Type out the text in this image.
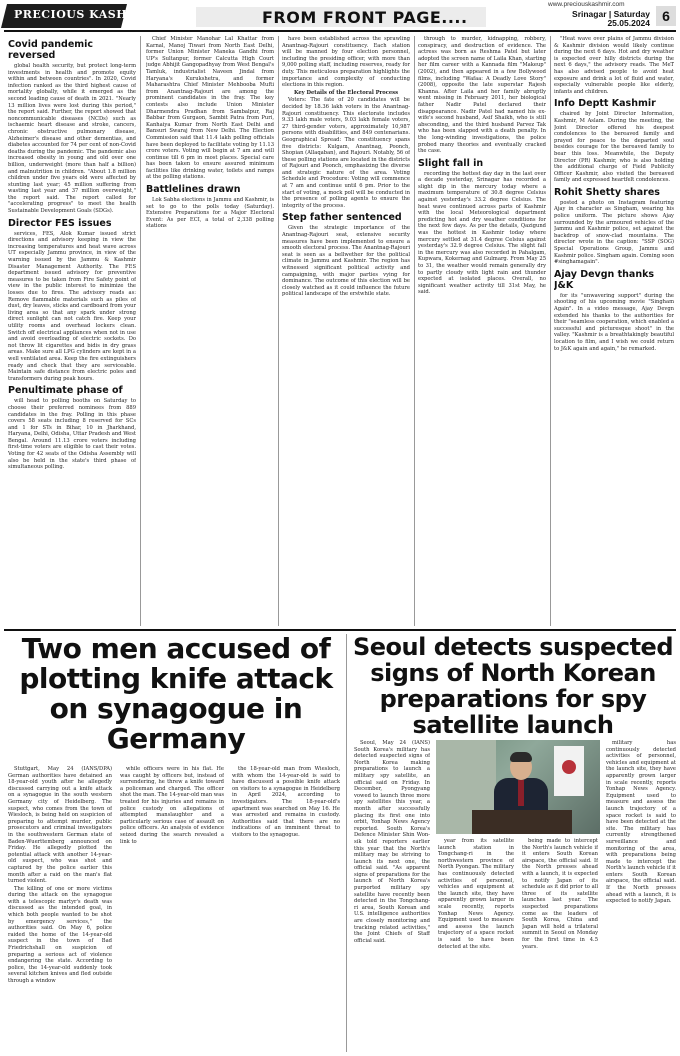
PRECIOUS KASHMIR	FROM FRONT PAGE....
www.preciouskashmir.com
Srinagar | Saturday
25.05.2024 6
Covid pandemic reversed

global health security, but protect long-term investments in health and promote equity within and between countries". In 2020, Covid infection ranked as the third highest cause of mortality globally, while it emerged as the second leading cause of death in 2021. "Nearly 13 million lives were lost during this period," the report said. Further, the report showed that noncommunicable diseases (NCDs) such as ischaemic heart disease and stroke, cancers, chronic obstructive pulmonary disease, Alzheimer's disease and other dementias, and diabetes accounted for 74 per cent of non-Covid deaths during the pandemic. The pandemic also increased obesity in young and old over one billion, underweight (more than half a billion) and malnutrition in children. "About 1.8 million children under five years old were affected by stunting last year; 45 million suffering from wasting last year and 37 million overweight," the report said. The report called for "accelerating progress" to meet the health Sustainable Development Goals (SDGs).

Director FES issues

services, FES, Alok Kumar issued strict directions and advisory keeping in view the increasing temperatures and heat wave across UT especially Jammu province, in view of the warning issued by the Jammu & Kashmir Disaster Management Authority. The FES department issued advisory for preventive measures to be taken from Fire Safety point of view in the public interest to minimize the losses due to fires. The advisory reads as: Remove flammable materials such as piles of dust, dry leaves, sticks and cardboard from your living area so that any spark under strong direct sunlight can not catch fire. Keep your utility rooms and overhead lockers clean. Switch off electrical appliances when not in use and avoid overloading of electric sockets. Do not throw lit cigarettes and bidis in dry grass areas. Make sure all LPG cylinders are kept in a well ventilated area. Keep the fire extinguishers ready and check that they are serviceable. Maintain safe distance from electric poles and transformers during peak hours.

Penultimate phase of

will head to polling booths on Saturday to choose their preferred nominees from 889 candidates in the fray. Polling in this phase covers 58 seats including 8 reserved for SCs and 1 for STs in Bihar, 10 in Jharkhand, Haryana, Delhi, Odisha, Uttar Pradesh and West Bengal. Around 11.13 crore voters including first-time voters are eligible to cast their votes. Voting for 42 seats of the Odisha Assembly will also be held in the state's third phase of simultaneous polling.

Chief Minister Manohar Lal Khattar from Karnal, Manoj Tiwari from North East Delhi, former Union Minister Maneka Gandhi from UP's Sultanpur, former Calcutta High Court judge Abhijit Gangopadhyay from West Bengal's Tamluk, industrialist Naveen Jindal from Haryana's Kurukshetra, and former Maharashtra Chief Minister Mehbooba Mufti from Anantnag-Rajouri are among the prominent candidates in the fray. The key contests also include Union Minister Dharmendra Pradhan from Sambalpur, Raj Babbar from Gurgaon, Sambit Patra from Puri, Kanhaiya Kumar from North East Delhi and Bansuri Swaraj from New Delhi. The Election Commission said that 11.4 lakh polling officials have been deployed to facilitate voting by 11.13 crore voters. Voting will begin at 7 am and will continue till 6 pm in most places. Special care has been taken to ensure assured minimum facilities like drinking water, toilets and ramps at the polling stations.

Battlelines drawn

Lok Sabha elections in Jammu and Kashmir, is set to go to the polls today (Saturday). Extensive Preparations for a Major Electoral Event: As per ECI, a total of 2,338 polling stations

have been established across the sprawling Anantnag-Rajouri constituency. Each station will be manned by four election personnel, including the presiding officer, with more than 9,000 polling staff, including reserves, ready for duty. This meticulous preparation highlights the importance and complexity of conducting elections in this region.

Key Details of the Electoral Process

Voters: The fate of 20 candidates will be decided by 18.36 lakh voters in the Anantnag-Rajouri constituency. This electorate includes 9.33 lakh male voters, 9.03 lakh female voters, 27 third-gender voters, approximately 10,987 persons with disabilities, and 849 centenarians. Geographical Spread: The constituency spans five districts: Kulgam, Anantnag, Poonch, Shopian (Allaqaban), and Rajouri. Notably, 56 of these polling stations are located in the districts of Rajouri and Poonch, emphasizing the diverse and strategic nature of the area. Voting Schedule and Procedure: Voting will commence at 7 am and continue until 6 pm. Prior to the start of voting, a mock poll will be conducted in the presence of polling agents to ensure the integrity of the process.

Step father sentenced

Given the strategic importance of the Anantnag-Rajouri seat, extensive security measures have been implemented to ensure a smooth electoral process. The Anantnag-Rajouri seat is seen as a bellwether for the political climate in Jammu and Kashmir. The region has witnessed significant political activity and campaigning, with major parties vying for dominance. The outcome of this election will be closely watched as it could influence the future political landscape of the erstwhile state.

through to murder, kidnapping, robbery, conspiracy, and destruction of evidence. The actress was born as Reshma Patel but later adopted the screen name of Laila Khan, starting her film career with a Kannada film "Makeup" (2002), and then appeared in a few Bollywood films, including "Wafaa: A Deadly Love Story" (2008), opposite the late superstar Rajesh Khanna. After Laila and her family abruptly went missing in February 2011, her biological father Nadir Patel declared their disappearance. Nadir Patel had named his ex-wife's second husband, Asif Shaikh, who is still absconding, and the third husband Parvez Tak who has been slapped with a death penalty. In the long-winding investigations, the police probed many theories and eventually cracked the case.

Slight fall in

recording the hottest day day in the last over a decade yesterday, Srinagar has recorded a slight dip in the mercury today where a maximum temperature of 30.8 degree Celsius against yesterday's 33.2 degree Celsius. The heat wave continued across parts of Kashmir with the local Meteorological department predicting hot and dry weather conditions for the next few days. As per the details, Qazigund was the hottest in Kashmir today where mercury settled at 31.4 degree Celsius against yesterday's 32.9 degree Celsius. The slight fall in the mercury was also recorded in Pahalgam, Kupwara, Kokernag and Gulmarg. From May 25 to 31, the weather would remain generally dry to partly cloudy with light rain and thunder expected at isolated places. Overall, no significant weather activity till 31st May, he said.

"Heat wave over plains of Jammu division & Kashmir division would likely continue during the next 6 days. Hot and dry weather is expected over hilly districts during the next 6 days," the advisory reads. The MeT has also advised people to avoid heat exposure and drink a lot of fluid and water, especially vulnerable people like elderly, infants and children.

Info Deptt Kashmir

chaired by Joint Director Information, Kashmir, M Aslam. During the meeting, the Joint Director offered his deepest condolences to the bereaved family and prayed for peace to the departed soul besides courage for the bereaved family to bear this loss. Meanwhile, the Deputy Director (PR) Kashmir, who is also holding the additional charge of Field Publicity Officer Kashmir, also visited the bereaved family and expressed heartfelt condolences.

Rohit Shetty shares

posted a photo on Instagram featuring Ajay in character as Singham, wearing his police uniform. The picture shows Ajay surrounded by the armoured vehicles of the Jammu and Kashmir police, set against the backdrop of snow-clad mountains. The director wrote in the caption: "SSP (SOG) Special Operations Group, Jammu and Kashmir police. Singham again. Coming soon #singhamagain".

Ajay Devgn thanks J&K

for its "unwavering support" during the shooting of his upcoming movie "Singham Again". In a video message, Ajay Devgn extended his thanks to the authorities for their "seamless cooperation, which enabled a successful and picturesque shoot" in the valley. "Kashmir is a breathtakingly beautiful location to film, and I wish we could return to J&K again and again," he remarked.

Two men accused of plotting knife attack on synagogue in Germany
Seoul detects suspected signs of North Korean preparations for spy satellite launch

Stuttgart, May 24 (IANS/DPA) German authorities have detained an 18-year-old youth after he allegedly discussed carrying out a knife attack on a synagogue in the south western Germany city of Heidelberg. The suspect, who comes from the town of Wiesloch, is being held on suspicion of preparing to attempt murder, public prosecutors and criminal investigators in the southwestern German state of Baden-Wuerttemberg announced on Friday. He allegedly plotted the potential attack with another 14-year-old suspect, who was shot and captured by the police earlier this month after a raid on the man's flat turned violent.

The killing of one or more victims during the attack on the synagogue with a telescopic martyr's death was discussed as the intended goal, in which both people wanted to be shot by emergency services," the authorities said. On May 6, police raided the home of the 14-year-old suspect in the town of Bad Friedrichshall on suspicion of preparing a serious act of violence endangering the state. According to police, the 14-year-old suddenly took several kitchen knives and fled outside through a window

while officers were in his flat. He was caught by officers but, instead of surrendering, he threw a knife toward a policeman and charged. The officer shot the man. The 14-year-old man was treated for his injuries and remains in police custody on allegations of attempted manslaughter and a particularly serious case of assault on police officers. An analysis of evidence seized during the search revealed a link to

the 18-year-old man from Wiesloch, with whom the 14-year-old is said to have discussed a possible knife attack on visitors to a synagogue in Heidelberg in April 2024, according to investigators. The 18-year-old's apartment was searched on May 16. He was arrested and remains in custody. Authorities said that there are no indications of an imminent threat to visitors to the synagogue.

Seoul, May 24 (IANS) South Korea's military has detected suspected signs of North Korea making preparations to launch a military spy satellite, an official said on Friday. In December, Pyongyang vowed to launch three more spy satellites this year, a month after successfully placing its first one into orbit, Yonhap News Agency reported. South Korea's Defence Minister Shin Won-sik told reporters earlier this year that the North's military may be striving to launch its next one, the official said. "As apparent signs of preparations for the launch of North Korea's purported military spy satellite have recently been detected in the Tongchang-ri area, South Korean and U.S. intelligence authorities are closely monitoring and tracking related activities," the Joint Chiefs of Staff official said.

year from its satellite launch station in Tongchang-ri in the northwestern province of North Pyongan. The military has continuously detected activities of personnel, vehicles and equipment at the launch site, they have apparently grown larger in scale recently, reports Yonhap News Agency. Equipment used to measure and assess the launch trajectory of a space rocket is said to have been detected at the site.

being made to intercept the North's launch vehicle if it enters South Korean airspace, the official said. If the North presses ahead with a launch, it is expected to notify Japan of its schedule as it did prior to all three of its satellite launches last year. The suspected preparations come as the leaders of South Korea, China and Japan will hold a trilateral summit in Seoul on Monday for the first time in 4.5 years.

military has continuously detected activities of personnel, vehicles and equipment at the launch site, they have apparently grown larger in scale recently, reports Yonhap News Agency. Equipment used to measure and assess the launch trajectory of a space rocket is said to have been detected at the site. The military has currently strengthened surveillance and monitoring of the area, with preparations being made to intercept the North's launch vehicle if it enters South Korean airspace, the official said. If the North presses ahead with a launch, it is expected to notify Japan.
